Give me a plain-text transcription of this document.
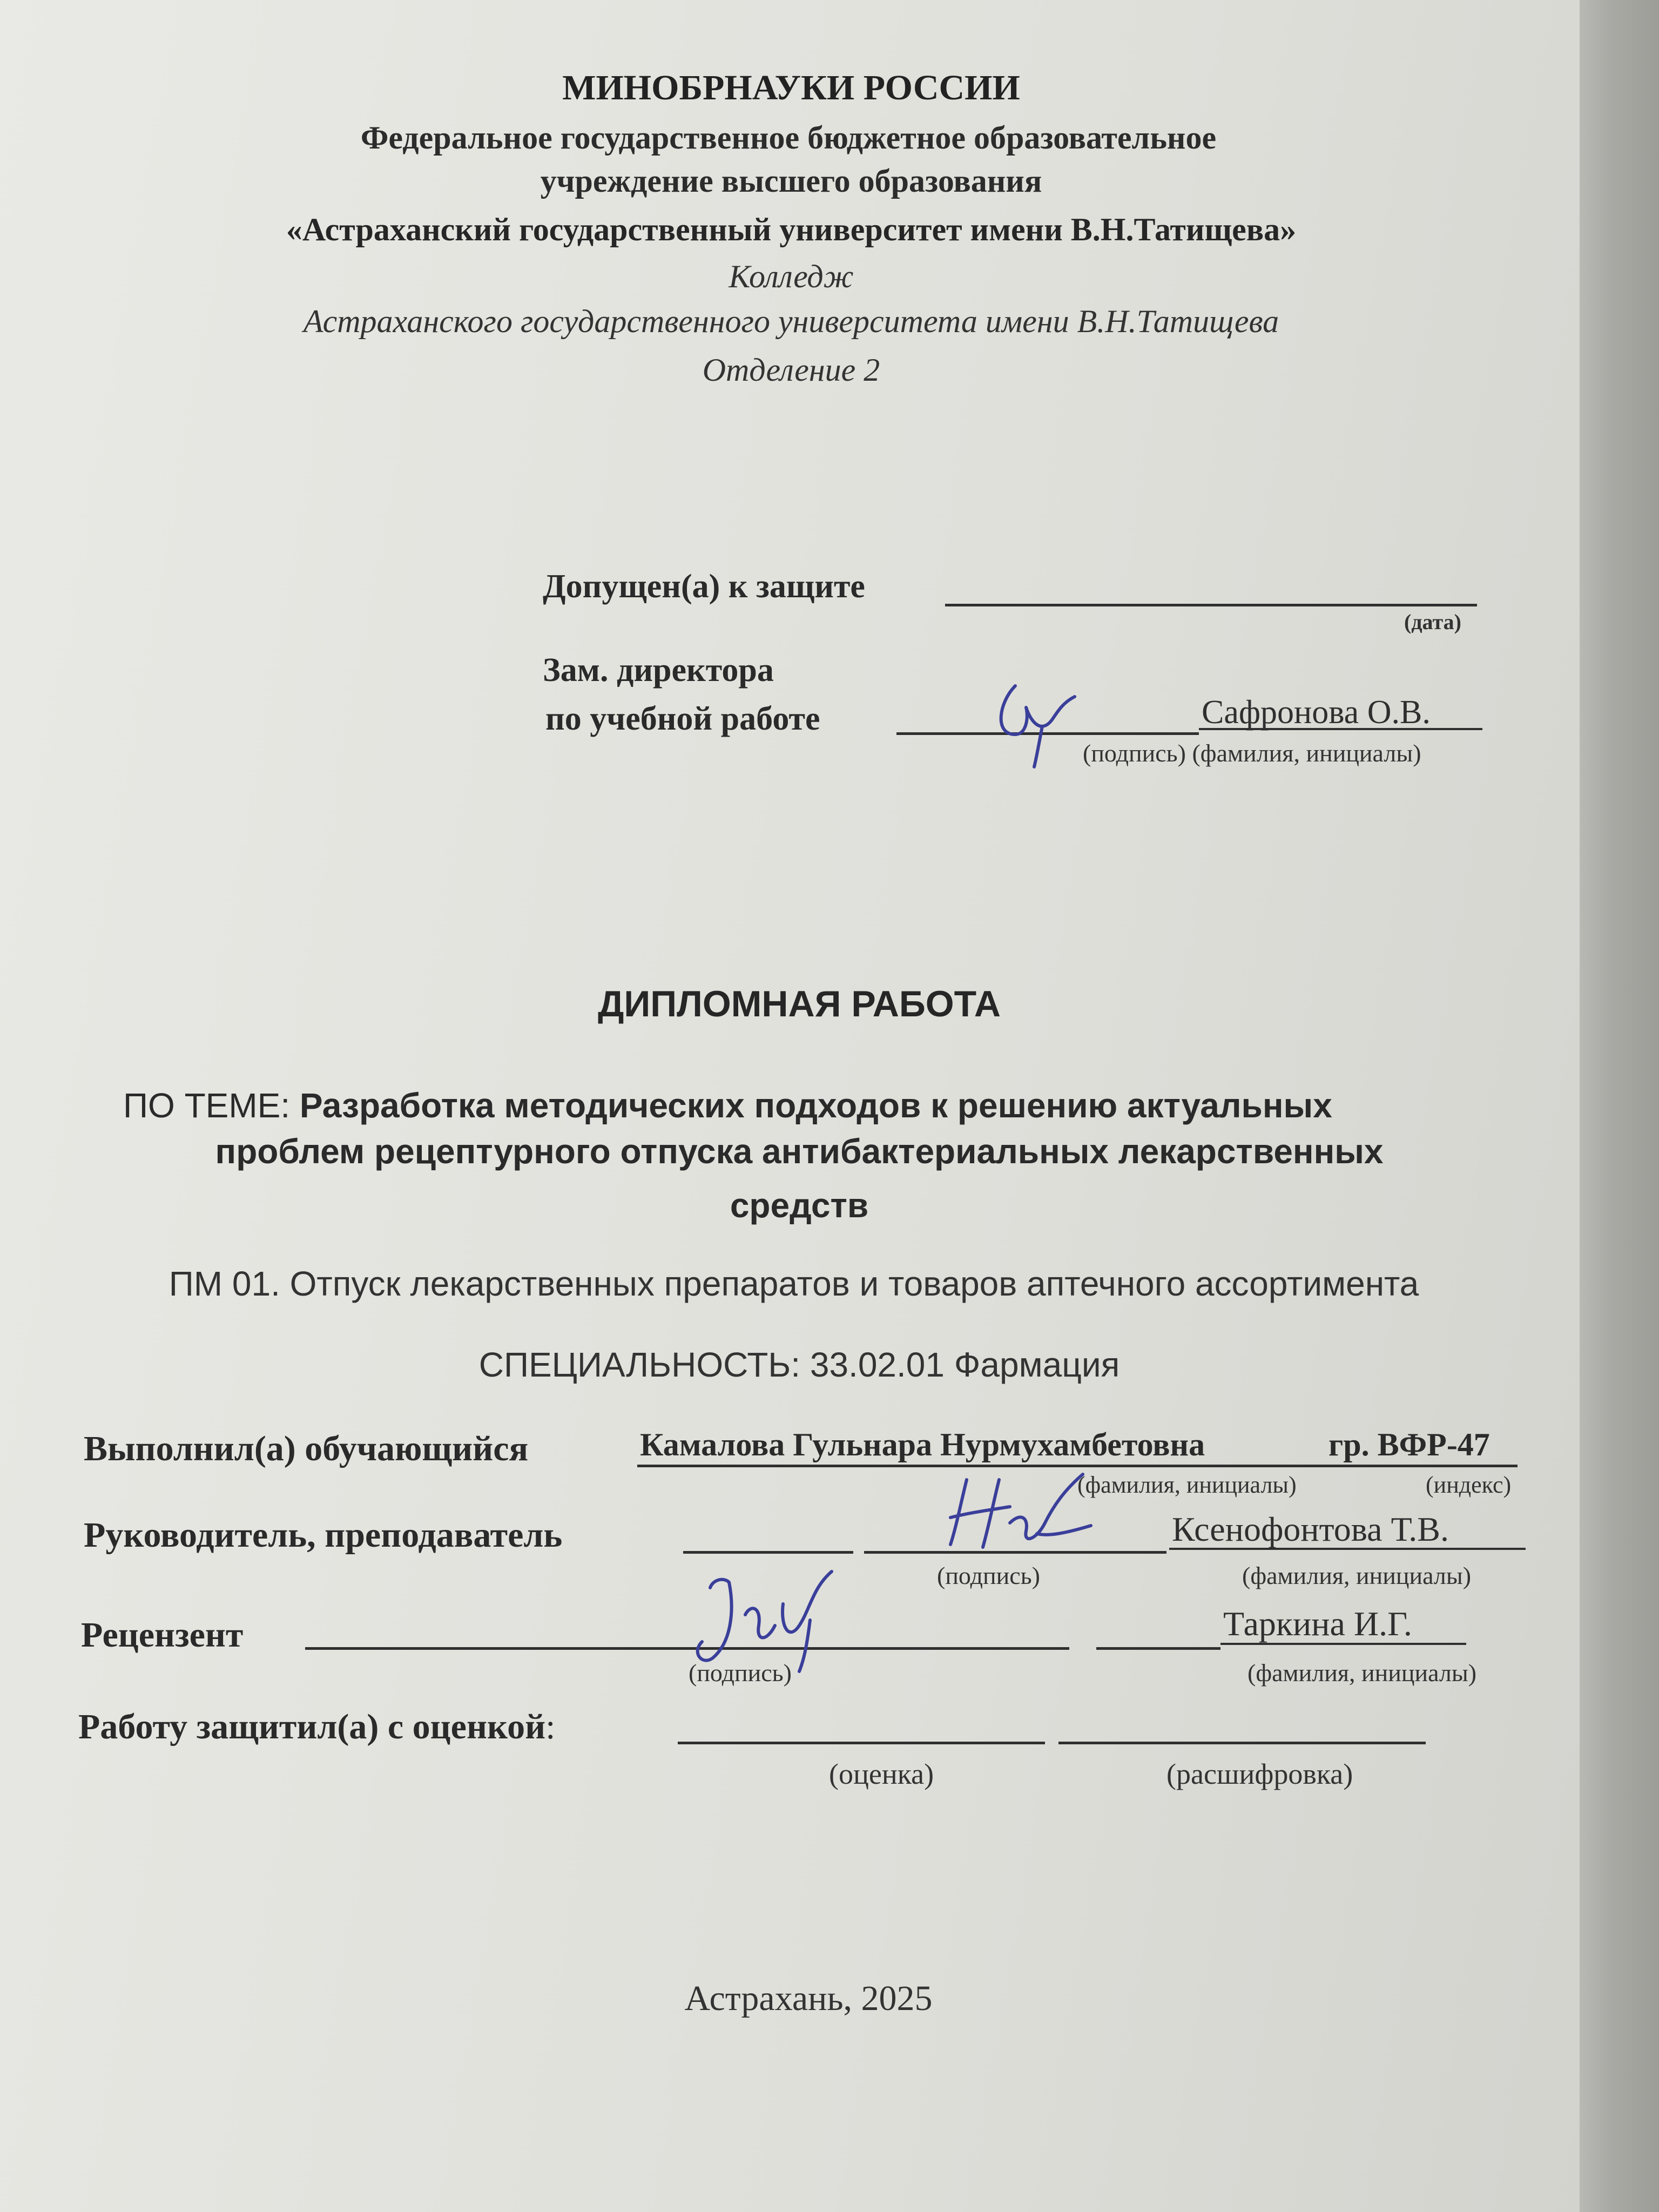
МИНОБРНАУКИ РОССИИ
Федеральное государственное бюджетное образовательное
учреждение высшего образования
«Астраханский государственный университет имени В.Н.Татищева»
Колледж
Астраханского государственного университета имени В.Н.Татищева
Отделение 2
Допущен(а) к защите
(дата)
Зам. директора
по учебной работе	Сафронова О.В.
(подпись) (фамилия, инициалы)
ДИПЛОМНАЯ РАБОТА
ПО ТЕМЕ: Разработка методических подходов к решению актуальных
проблем рецептурного отпуска антибактериальных лекарственных
средств
ПМ 01. Отпуск лекарственных препаратов и товаров аптечного ассортимента
СПЕЦИАЛЬНОСТЬ: 33.02.01 Фармация
Выполнил(а) обучающийся	Камалова Гульнара Нурмухамбетовна	гр. ВФР-47
(фамилия, инициалы)	(индекс)
Руководитель, преподаватель	Ксенофонтова Т.В.
(подпись)	(фамилия, инициалы)
Рецензент	Таркина И.Г.
(подпись)	(фамилия, инициалы)
Работу защитил(а) с оценкой:
(оценка)	(расшифровка)
Астрахань, 2025
